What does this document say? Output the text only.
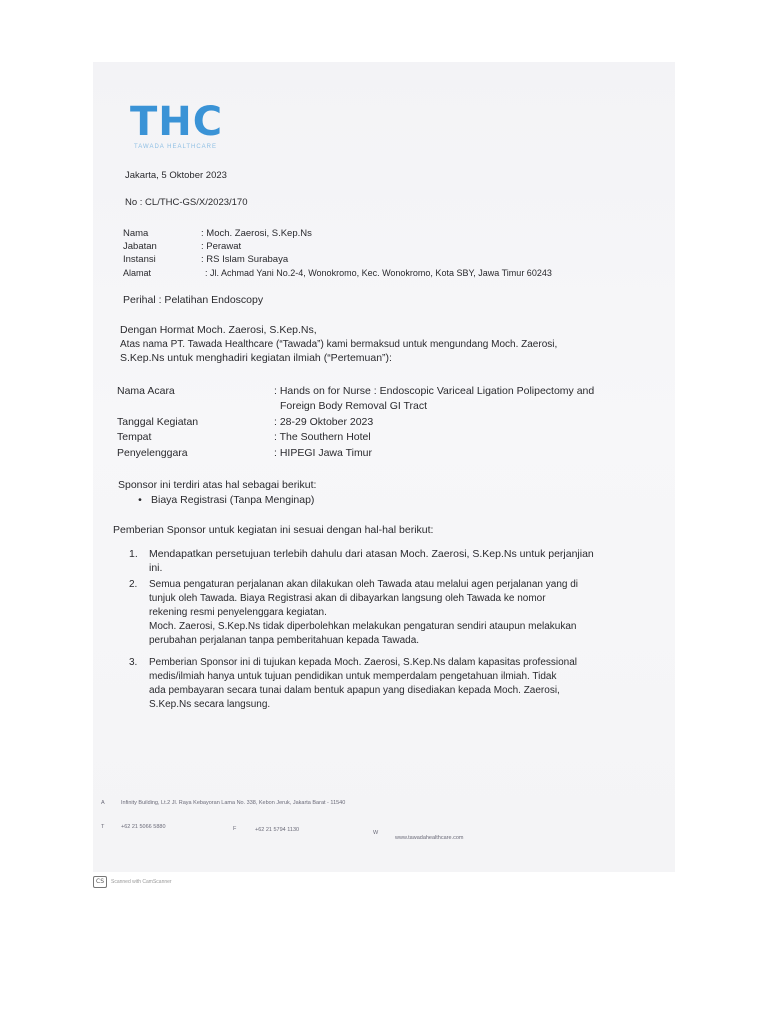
THC
TAWADA HEALTHCARE
Jakarta, 5 Oktober 2023
No : CL/THC-GS/X/2023/170
Nama	: Moch. Zaerosi, S.Kep.Ns
Jabatan	: Perawat
Instansi	: RS Islam Surabaya
Alamat	: Jl. Achmad Yani No.2-4, Wonokromo, Kec. Wonokromo, Kota SBY, Jawa Timur 60243
Perihal : Pelatihan Endoscopy
Dengan Hormat Moch. Zaerosi, S.Kep.Ns,
Atas nama PT. Tawada Healthcare (“Tawada”) kami bermaksud untuk mengundang Moch. Zaerosi,
S.Kep.Ns untuk menghadiri kegiatan ilmiah (“Pertemuan”):
Nama Acara	: Hands on for Nurse : Endoscopic Variceal Ligation Polipectomy and
Foreign Body Removal GI Tract
Tanggal Kegiatan	: 28-29 Oktober 2023
Tempat	: The Southern Hotel
Penyelenggara	: HIPEGI Jawa Timur
Sponsor ini terdiri atas hal sebagai berikut:
• Biaya Registrasi (Tanpa Menginap)
Pemberian Sponsor untuk kegiatan ini sesuai dengan hal-hal berikut:
1. Mendapatkan persetujuan terlebih dahulu dari atasan Moch. Zaerosi, S.Kep.Ns untuk perjanjian
ini.
2. Semua pengaturan perjalanan akan dilakukan oleh Tawada atau melalui agen perjalanan yang di
tunjuk oleh Tawada. Biaya Registrasi akan di dibayarkan langsung oleh Tawada ke nomor
rekening resmi penyelenggara kegiatan.
Moch. Zaerosi, S.Kep.Ns tidak diperbolehkan melakukan pengaturan sendiri ataupun melakukan
perubahan perjalanan tanpa pemberitahuan kepada Tawada.
3. Pemberian Sponsor ini di tujukan kepada Moch. Zaerosi, S.Kep.Ns dalam kapasitas professional
medis/ilmiah hanya untuk tujuan pendidikan untuk memperdalam pengetahuan ilmiah. Tidak
ada pembayaran secara tunai dalam bentuk apapun yang disediakan kepada Moch. Zaerosi,
S.Kep.Ns secara langsung.
A	Infinity Building, Lt.2 Jl. Raya Kebayoran Lama No. 338, Kebon Jeruk, Jakarta Barat - 11540
T	+62 21 5066 5880	F	+62 21 5794 1130	W
www.tawadahealthcare.com
CS	Scanned with CamScanner
